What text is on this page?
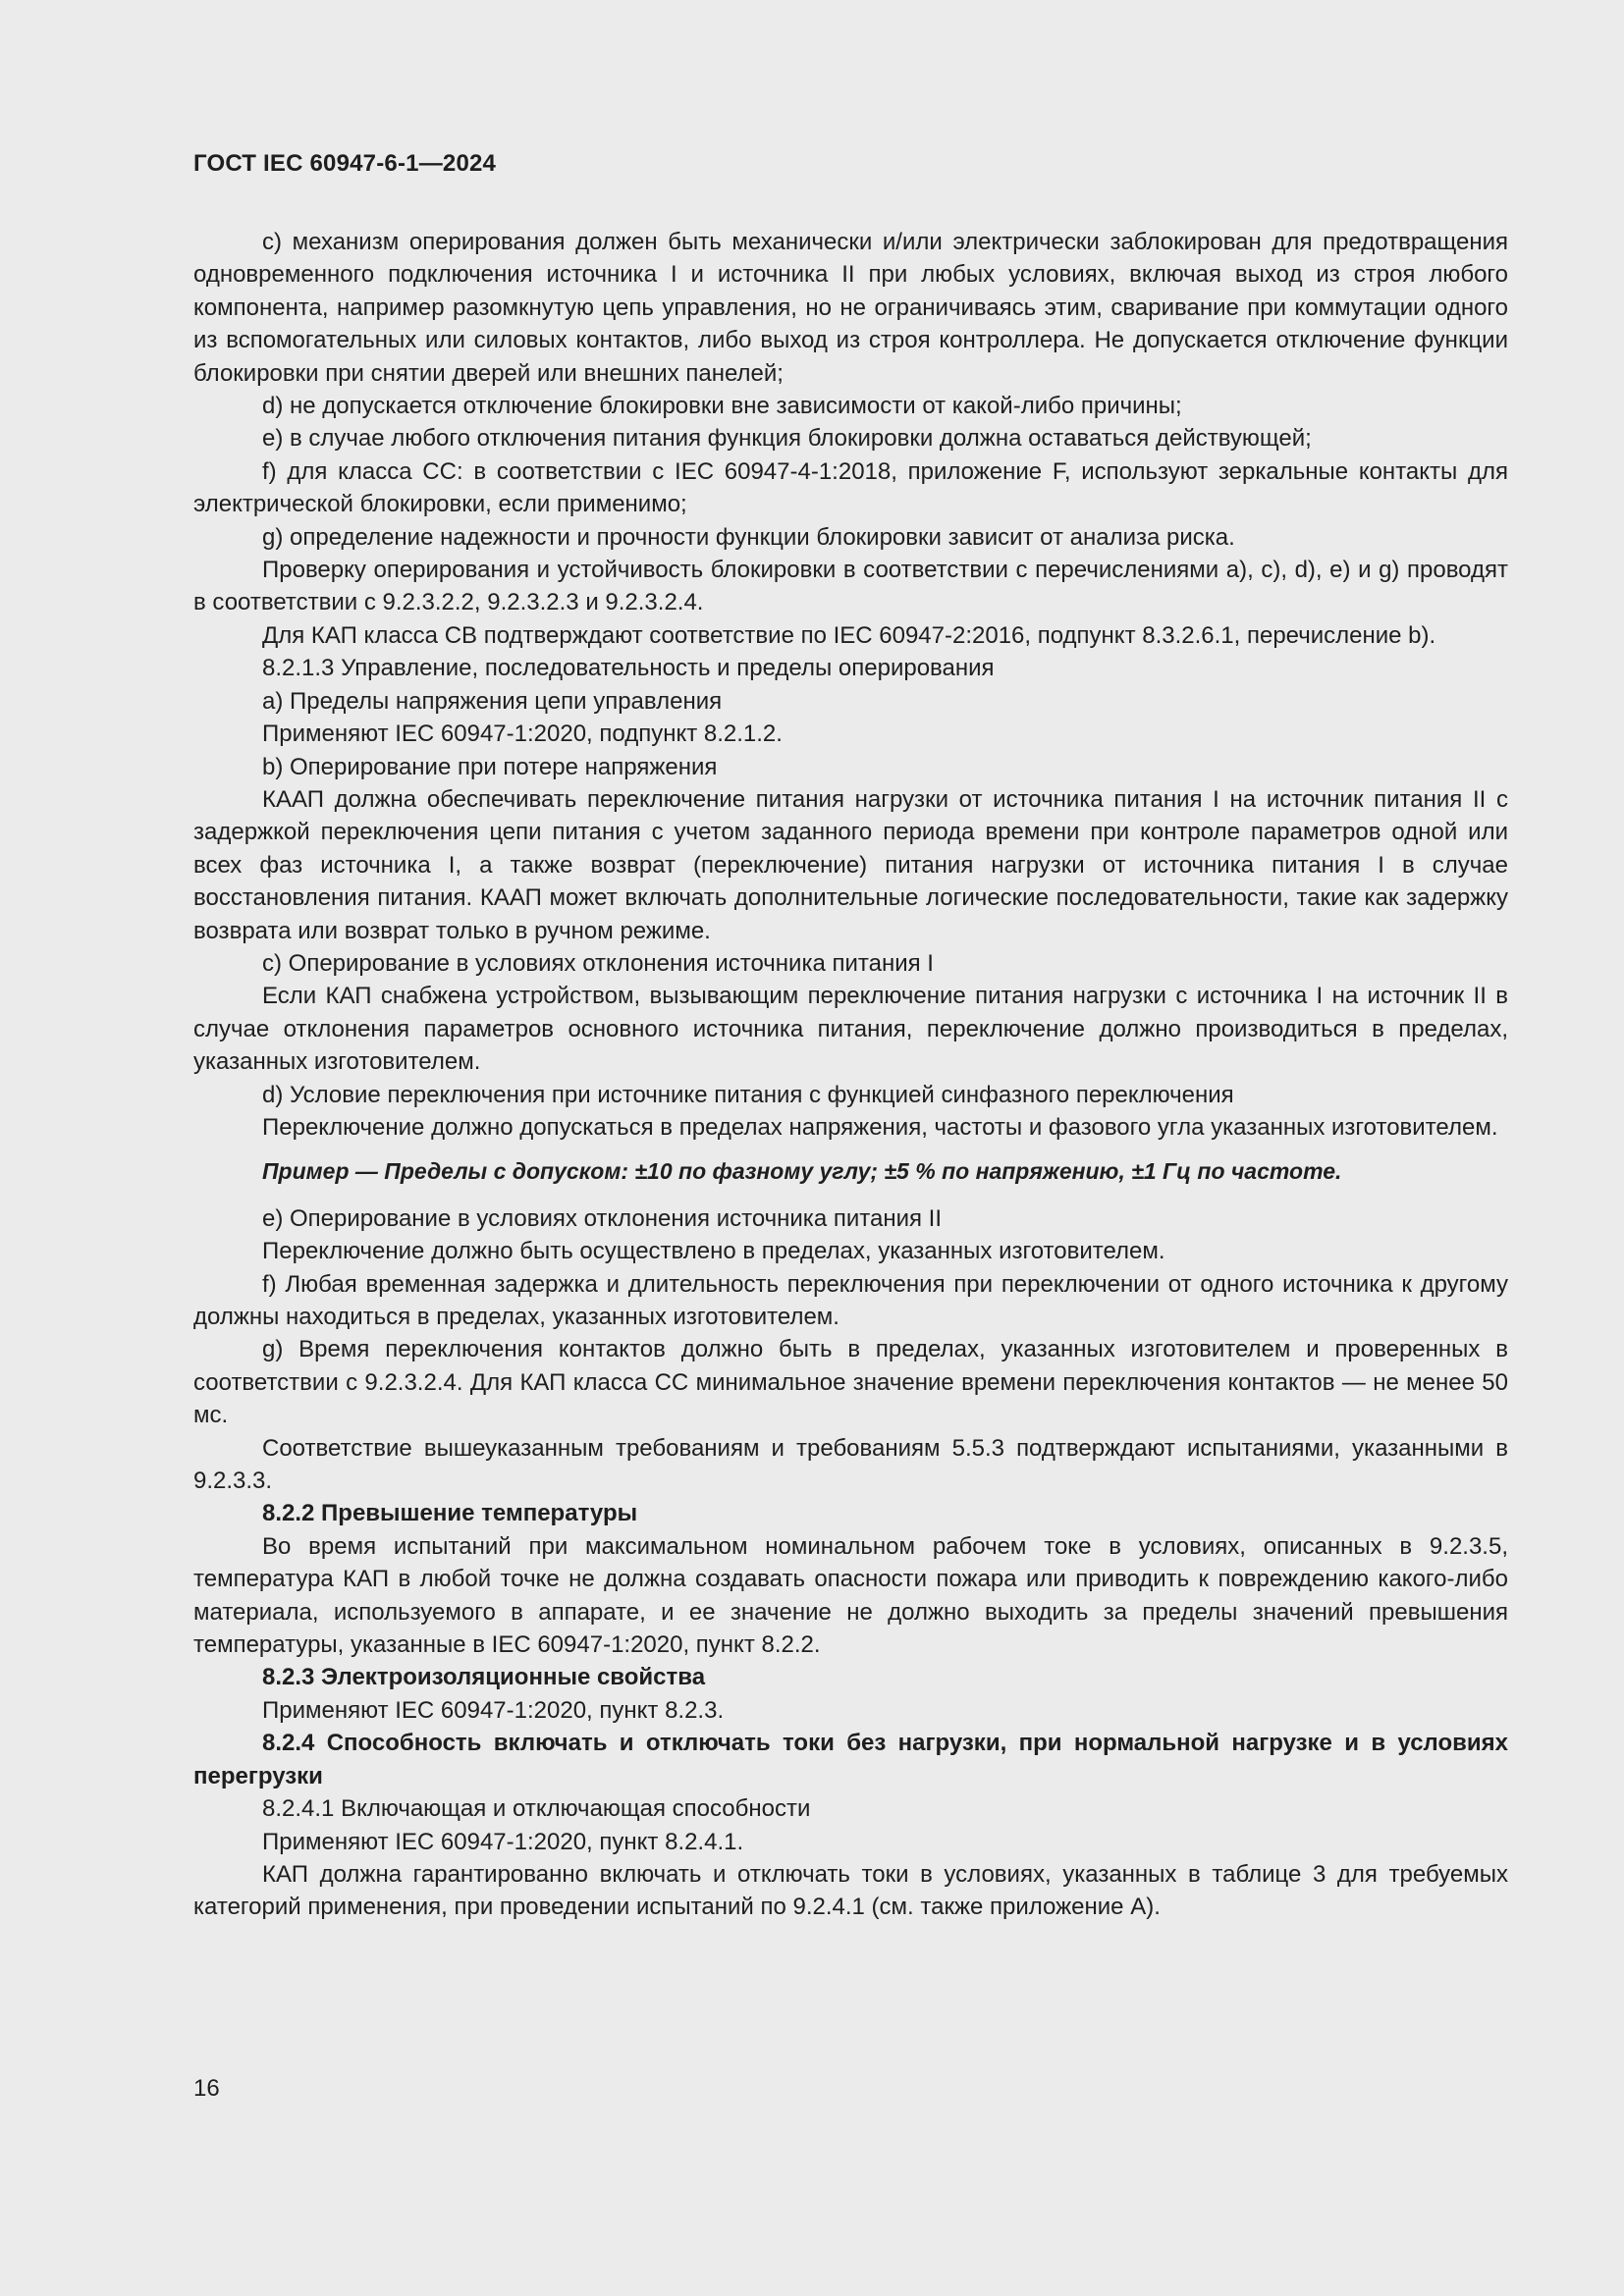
ГОСТ IEC 60947-6-1—2024

c) механизм оперирования должен быть механически и/или электрически заблокирован для предотвращения одновременного подключения источника I и источника II при любых условиях, включая выход из строя любого компонента, например разомкнутую цепь управления, но не ограничиваясь этим, сваривание при коммутации одного из вспомогательных или силовых контактов, либо выход из строя контроллера. Не допускается отключение функции блокировки при снятии дверей или внешних панелей;

d) не допускается отключение блокировки вне зависимости от какой-либо причины;

e) в случае любого отключения питания функция блокировки должна оставаться действующей;

f) для класса CC: в соответствии с IEC 60947-4-1:2018, приложение F, используют зеркальные контакты для электрической блокировки, если применимо;

g) определение надежности и прочности функции блокировки зависит от анализа риска.

Проверку оперирования и устойчивость блокировки в соответствии с перечислениями a), c), d), e) и g) проводят в соответствии с 9.2.3.2.2, 9.2.3.2.3 и 9.2.3.2.4.

Для КАП класса CB подтверждают соответствие по IEC 60947-2:2016, подпункт 8.3.2.6.1, перечисление b).

8.2.1.3 Управление, последовательность и пределы оперирования

a) Пределы напряжения цепи управления

Применяют IEC 60947-1:2020, подпункт 8.2.1.2.

b) Оперирование при потере напряжения

КААП должна обеспечивать переключение питания нагрузки от источника питания I на источник питания II с задержкой переключения цепи питания с учетом заданного периода времени при контроле параметров одной или всех фаз источника I, а также возврат (переключение) питания нагрузки от источника питания I в случае восстановления питания. КААП может включать дополнительные логические последовательности, такие как задержку возврата или возврат только в ручном режиме.

c) Оперирование в условиях отклонения источника питания I

Если КАП снабжена устройством, вызывающим переключение питания нагрузки с источника I на источник II в случае отклонения параметров основного источника питания, переключение должно производиться в пределах, указанных изготовителем.

d) Условие переключения при источнике питания с функцией синфазного переключения

Переключение должно допускаться в пределах напряжения, частоты и фазового угла указанных изготовителем.

Пример — Пределы с допуском: ±10 по фазному углу; ±5 % по напряжению, ±1 Гц по частоте.

e) Оперирование в условиях отклонения источника питания II

Переключение должно быть осуществлено в пределах, указанных изготовителем.

f) Любая временная задержка и длительность переключения при переключении от одного источника к другому должны находиться в пределах, указанных изготовителем.

g) Время переключения контактов должно быть в пределах, указанных изготовителем и проверенных в соответствии с 9.2.3.2.4. Для КАП класса CC минимальное значение времени переключения контактов — не менее 50 мс.

Соответствие вышеуказанным требованиям и требованиям 5.5.3 подтверждают испытаниями, указанными в 9.2.3.3.

8.2.2 Превышение температуры

Во время испытаний при максимальном номинальном рабочем токе в условиях, описанных в 9.2.3.5, температура КАП в любой точке не должна создавать опасности пожара или приводить к повреждению какого-либо материала, используемого в аппарате, и ее значение не должно выходить за пределы значений превышения температуры, указанные в IEC 60947-1:2020, пункт 8.2.2.

8.2.3 Электроизоляционные свойства

Применяют IEC 60947-1:2020, пункт 8.2.3.

8.2.4 Способность включать и отключать токи без нагрузки, при нормальной нагрузке и в условиях перегрузки

8.2.4.1 Включающая и отключающая способности

Применяют IEC 60947-1:2020, пункт 8.2.4.1.

КАП должна гарантированно включать и отключать токи в условиях, указанных в таблице 3 для требуемых категорий применения, при проведении испытаний по 9.2.4.1 (см. также приложение А).

16
